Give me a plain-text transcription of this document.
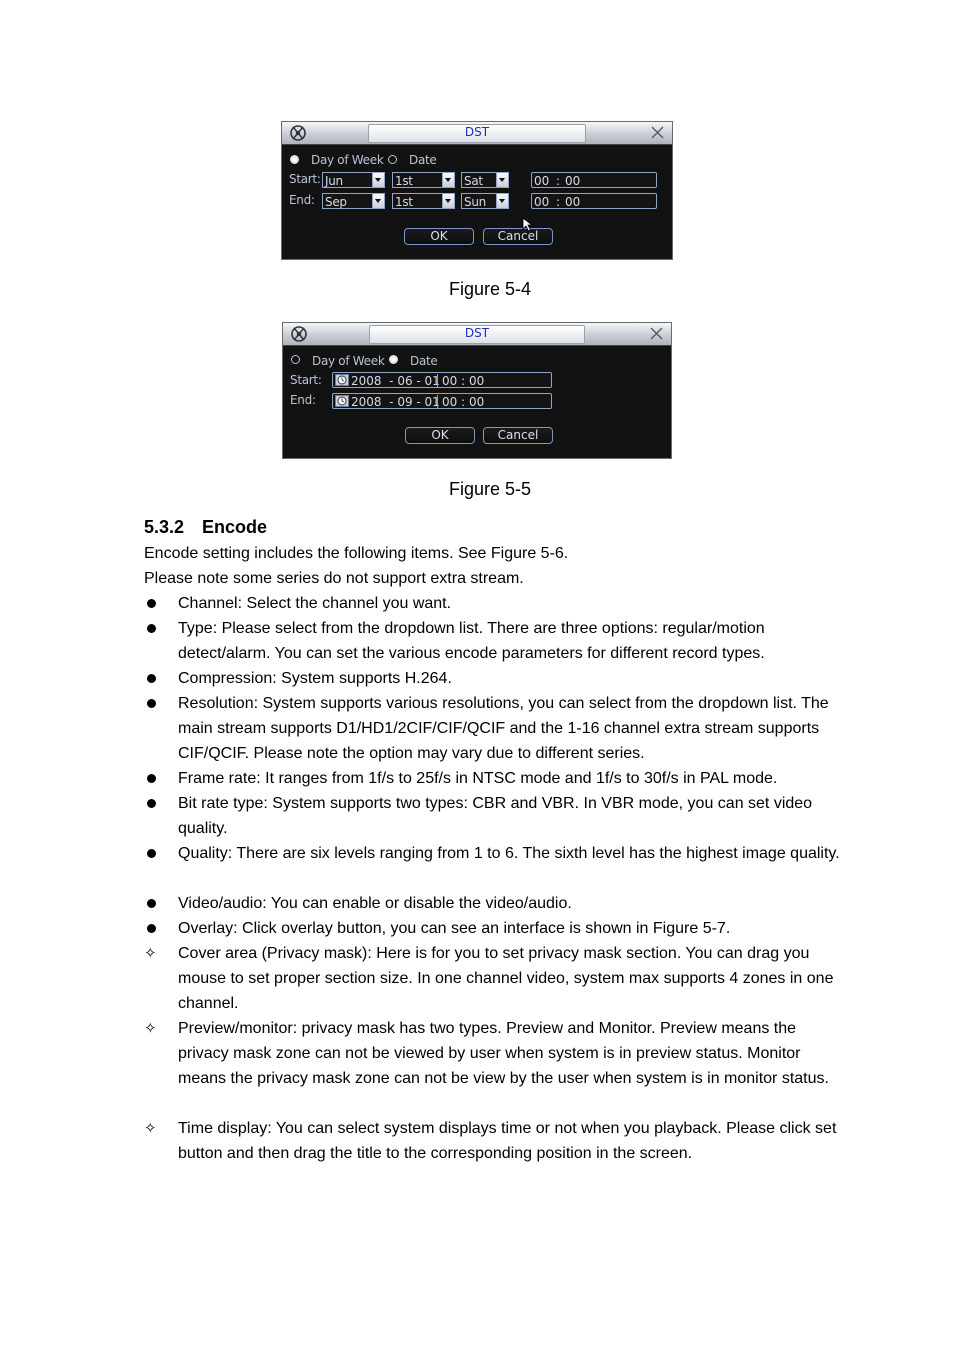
DST
Day of Week Date
Start: Jun	1st	Sat	00 : 00
End: Sep	1st	Sun	00 : 00
OK	Cancel
Figure 5-4
DST
Day of Week Date
Start: 2008  - 06 - 01 00 : 00
End:	2008  - 09 - 01 00 : 00
OK	Cancel
Figure 5-5
5.3.2 Encode
Encode setting includes the following items. See Figure 5-6.
Please note some series do not support extra stream.
Channel: Select the channel you want.
Type: Please select from the dropdown list. There are three options: regular/motion detect/alarm. You can set the various encode parameters for different record types.
Compression: System supports H.264.
Resolution: System supports various resolutions, you can select from the dropdown list. The main stream supports D1/HD1/2CIF/CIF/QCIF and the 1-16 channel extra stream supports CIF/QCIF. Please note the option may vary due to different series.
Frame rate: It ranges from 1f/s to 25f/s in NTSC mode and 1f/s to 30f/s in PAL mode.
Bit rate type: System supports two types: CBR and VBR. In VBR mode, you can set video quality.
Quality: There are six levels ranging from 1 to 6. The sixth level has the highest image quality.
Video/audio: You can enable or disable the video/audio.
Overlay: Click overlay button, you can see an interface is shown in Figure 5-7.
✧ Cover area (Privacy mask): Here is for you to set privacy mask section. You can drag you mouse to set proper section size. In one channel video, system max supports 4 zones in one channel.
✧ Preview/monitor: privacy mask has two types. Preview and Monitor. Preview means the privacy mask zone can not be viewed by user when system is in preview status. Monitor means the privacy mask zone can not be view by the user when system is in monitor status.
✧ Time display: You can select system displays time or not when you playback. Please click set button and then drag the title to the corresponding position in the screen.
